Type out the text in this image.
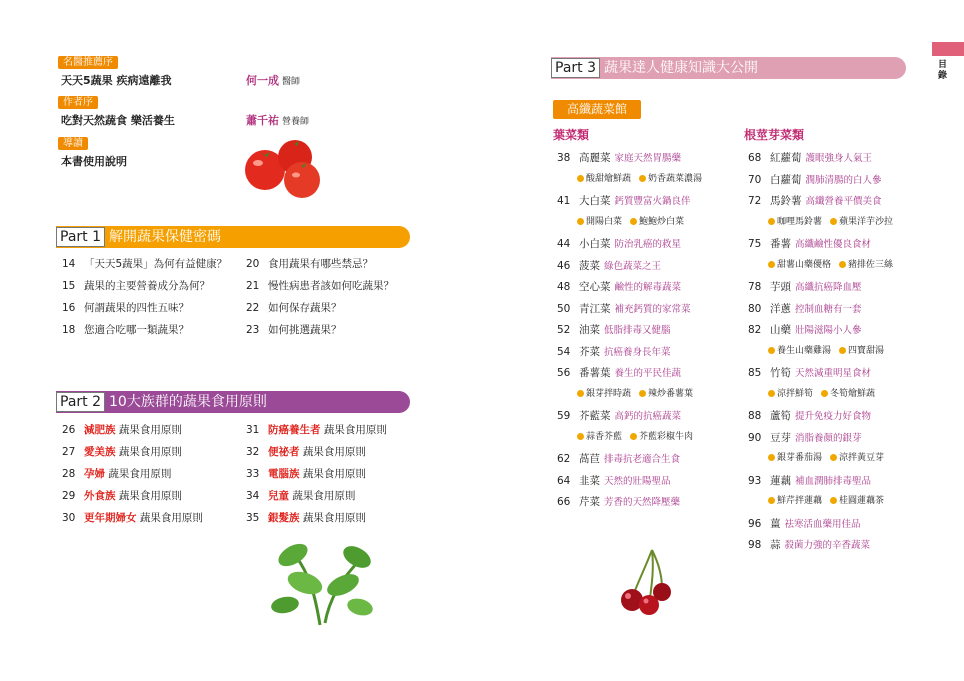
名醫推薦序
天天5蔬果 疾病遠離我	何一成 醫師
作者序
吃對天然蔬食 樂活養生	蕭千祐 營養師
導讀
本書使用說明
Part 1 解開蔬果保健密碼
14 「天天5蔬果」為何有益健康？
15 蔬果的主要營養成分為何？
16 何謂蔬果的四性五味？
18 您適合吃哪一類蔬果？
20 食用蔬果有哪些禁忌？
21 慢性病患者該如何吃蔬果？
22 如何保存蔬果？
23 如何挑選蔬果？
Part 2 10大族群的蔬果食用原則
26 減肥族 蔬果食用原則
27 愛美族 蔬果食用原則
28 孕婦 蔬果食用原則
29 外食族 蔬果食用原則
30 更年期婦女 蔬果食用原則
31 防癌養生者 蔬果食用原則
32 便祕者 蔬果食用原則
33 電腦族 蔬果食用原則
34 兒童 蔬果食用原則
35 銀髮族 蔬果食用原則
Part 3 蔬果達人健康知識大公開	目錄
高纖蔬菜館
葉菜類	根莖芽菜類
38 高麗菜 家庭天然胃腸藥
酸甜燴鮮蔬 奶香蔬菜濃湯
41 大白菜 鈣質豐富火鍋良伴
開陽白菜 鮑鮑炒白菜
44 小白菜 防治乳癌的救星
46 菠菜 綠色蔬菜之王
48 空心菜 鹼性的解毒蔬菜
50 青江菜 補充鈣質的家常菜
52 油菜 低脂排毒又健腦
54 芥菜 抗癌養身長年菜
56 番薯葉 養生的平民佳蔬
銀芽拌時蔬 辣炒番薯葉
59 芥藍菜 高鈣的抗癌蔬菜
蒜香芥藍 芥藍彩椒牛肉
62 萵苣 排毒抗老適合生食
64 韭菜 天然的壯陽聖品
66 芹菜 芳香的天然降壓藥
68 紅蘿蔔 護眼強身人氣王
70 白蘿蔔 潤肺清腸的白人參
72 馬鈴薯 高纖營養平價美食
咖哩馬鈴薯 蘋果洋芋沙拉
75 番薯 高纖鹼性優良食材
甜薯山藥優格 豬排佐三絲
78 芋頭 高纖抗癌降血壓
80 洋蔥 控制血糖有一套
82 山藥 壯陽滋陽小人參
養生山藥雞湯 四寶甜湯
85 竹筍 天然減重明星食材
涼拌鮮筍 冬筍燴鮮蔬
88 蘆筍 提升免疫力好食物
90 豆芽 消脂養顏的銀芽
銀芽番茄湯 涼拌黃豆芽
93 蓮藕 補血潤肺排毒聖品
鮮芹拌蓮藕 桂圓蓮藕茶
96 薑 祛寒活血藥用佳品
98 蒜 殺菌力強的辛香蔬菜
